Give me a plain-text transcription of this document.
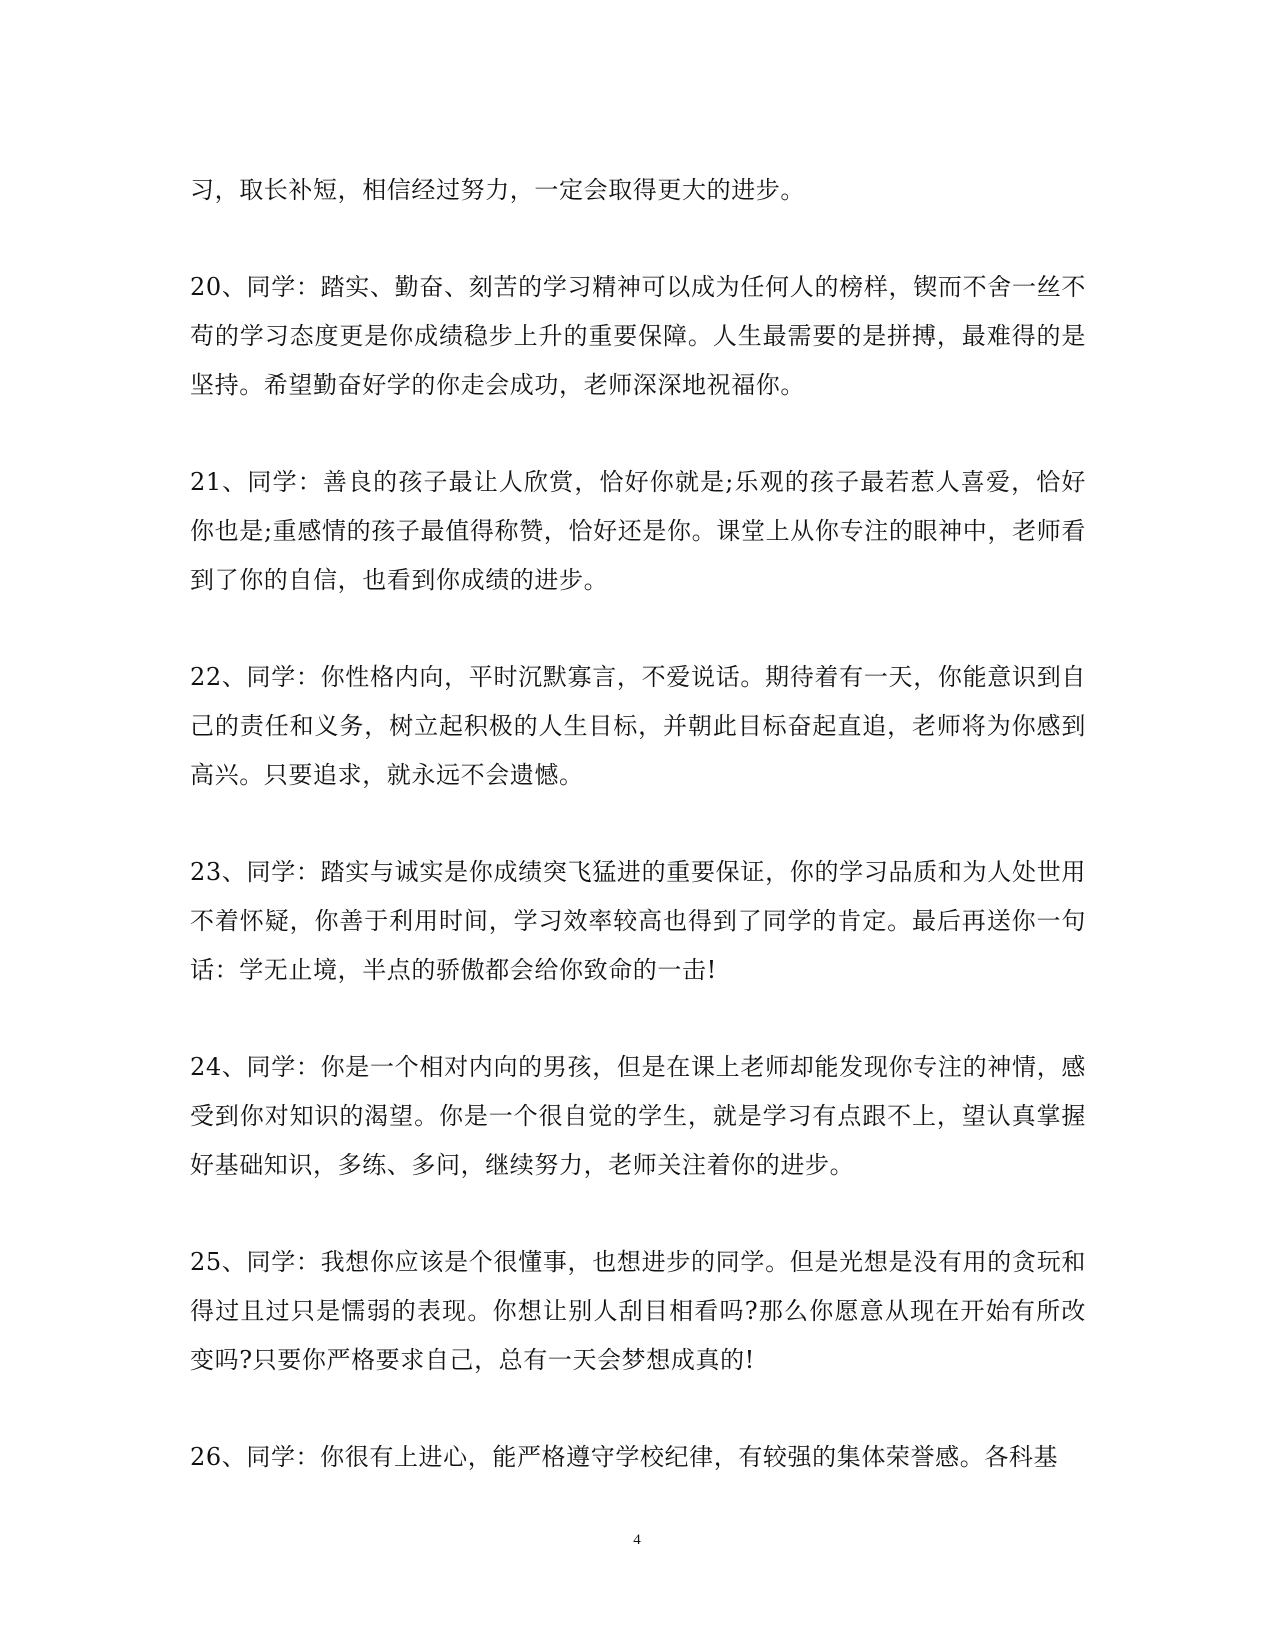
习，取长补短，相信经过努力，一定会取得更大的进步。

20、同学：踏实、勤奋、刻苦的学习精神可以成为任何人的榜样，锲而不舍一丝不苟的学习态度更是你成绩稳步上升的重要保障。人生最需要的是拼搏，最难得的是坚持。希望勤奋好学的你走会成功，老师深深地祝福你。

21、同学：善良的孩子最让人欣赏，恰好你就是;乐观的孩子最若惹人喜爱，恰好你也是;重感情的孩子最值得称赞，恰好还是你。课堂上从你专注的眼神中，老师看到了你的自信，也看到你成绩的进步。

22、同学：你性格内向，平时沉默寡言，不爱说话。期待着有一天，你能意识到自己的责任和义务，树立起积极的人生目标，并朝此目标奋起直追，老师将为你感到高兴。只要追求，就永远不会遗憾。

23、同学：踏实与诚实是你成绩突飞猛进的重要保证，你的学习品质和为人处世用不着怀疑，你善于利用时间，学习效率较高也得到了同学的肯定。最后再送你一句话：学无止境，半点的骄傲都会给你致命的一击!

24、同学：你是一个相对内向的男孩，但是在课上老师却能发现你专注的神情，感受到你对知识的渴望。你是一个很自觉的学生，就是学习有点跟不上，望认真掌握好基础知识，多练、多问，继续努力，老师关注着你的进步。

25、同学：我想你应该是个很懂事，也想进步的同学。但是光想是没有用的贪玩和得过且过只是懦弱的表现。你想让别人刮目相看吗?那么你愿意从现在开始有所改变吗?只要你严格要求自己，总有一天会梦想成真的!

26、同学：你很有上进心，能严格遵守学校纪律，有较强的集体荣誉感。各科基

4
